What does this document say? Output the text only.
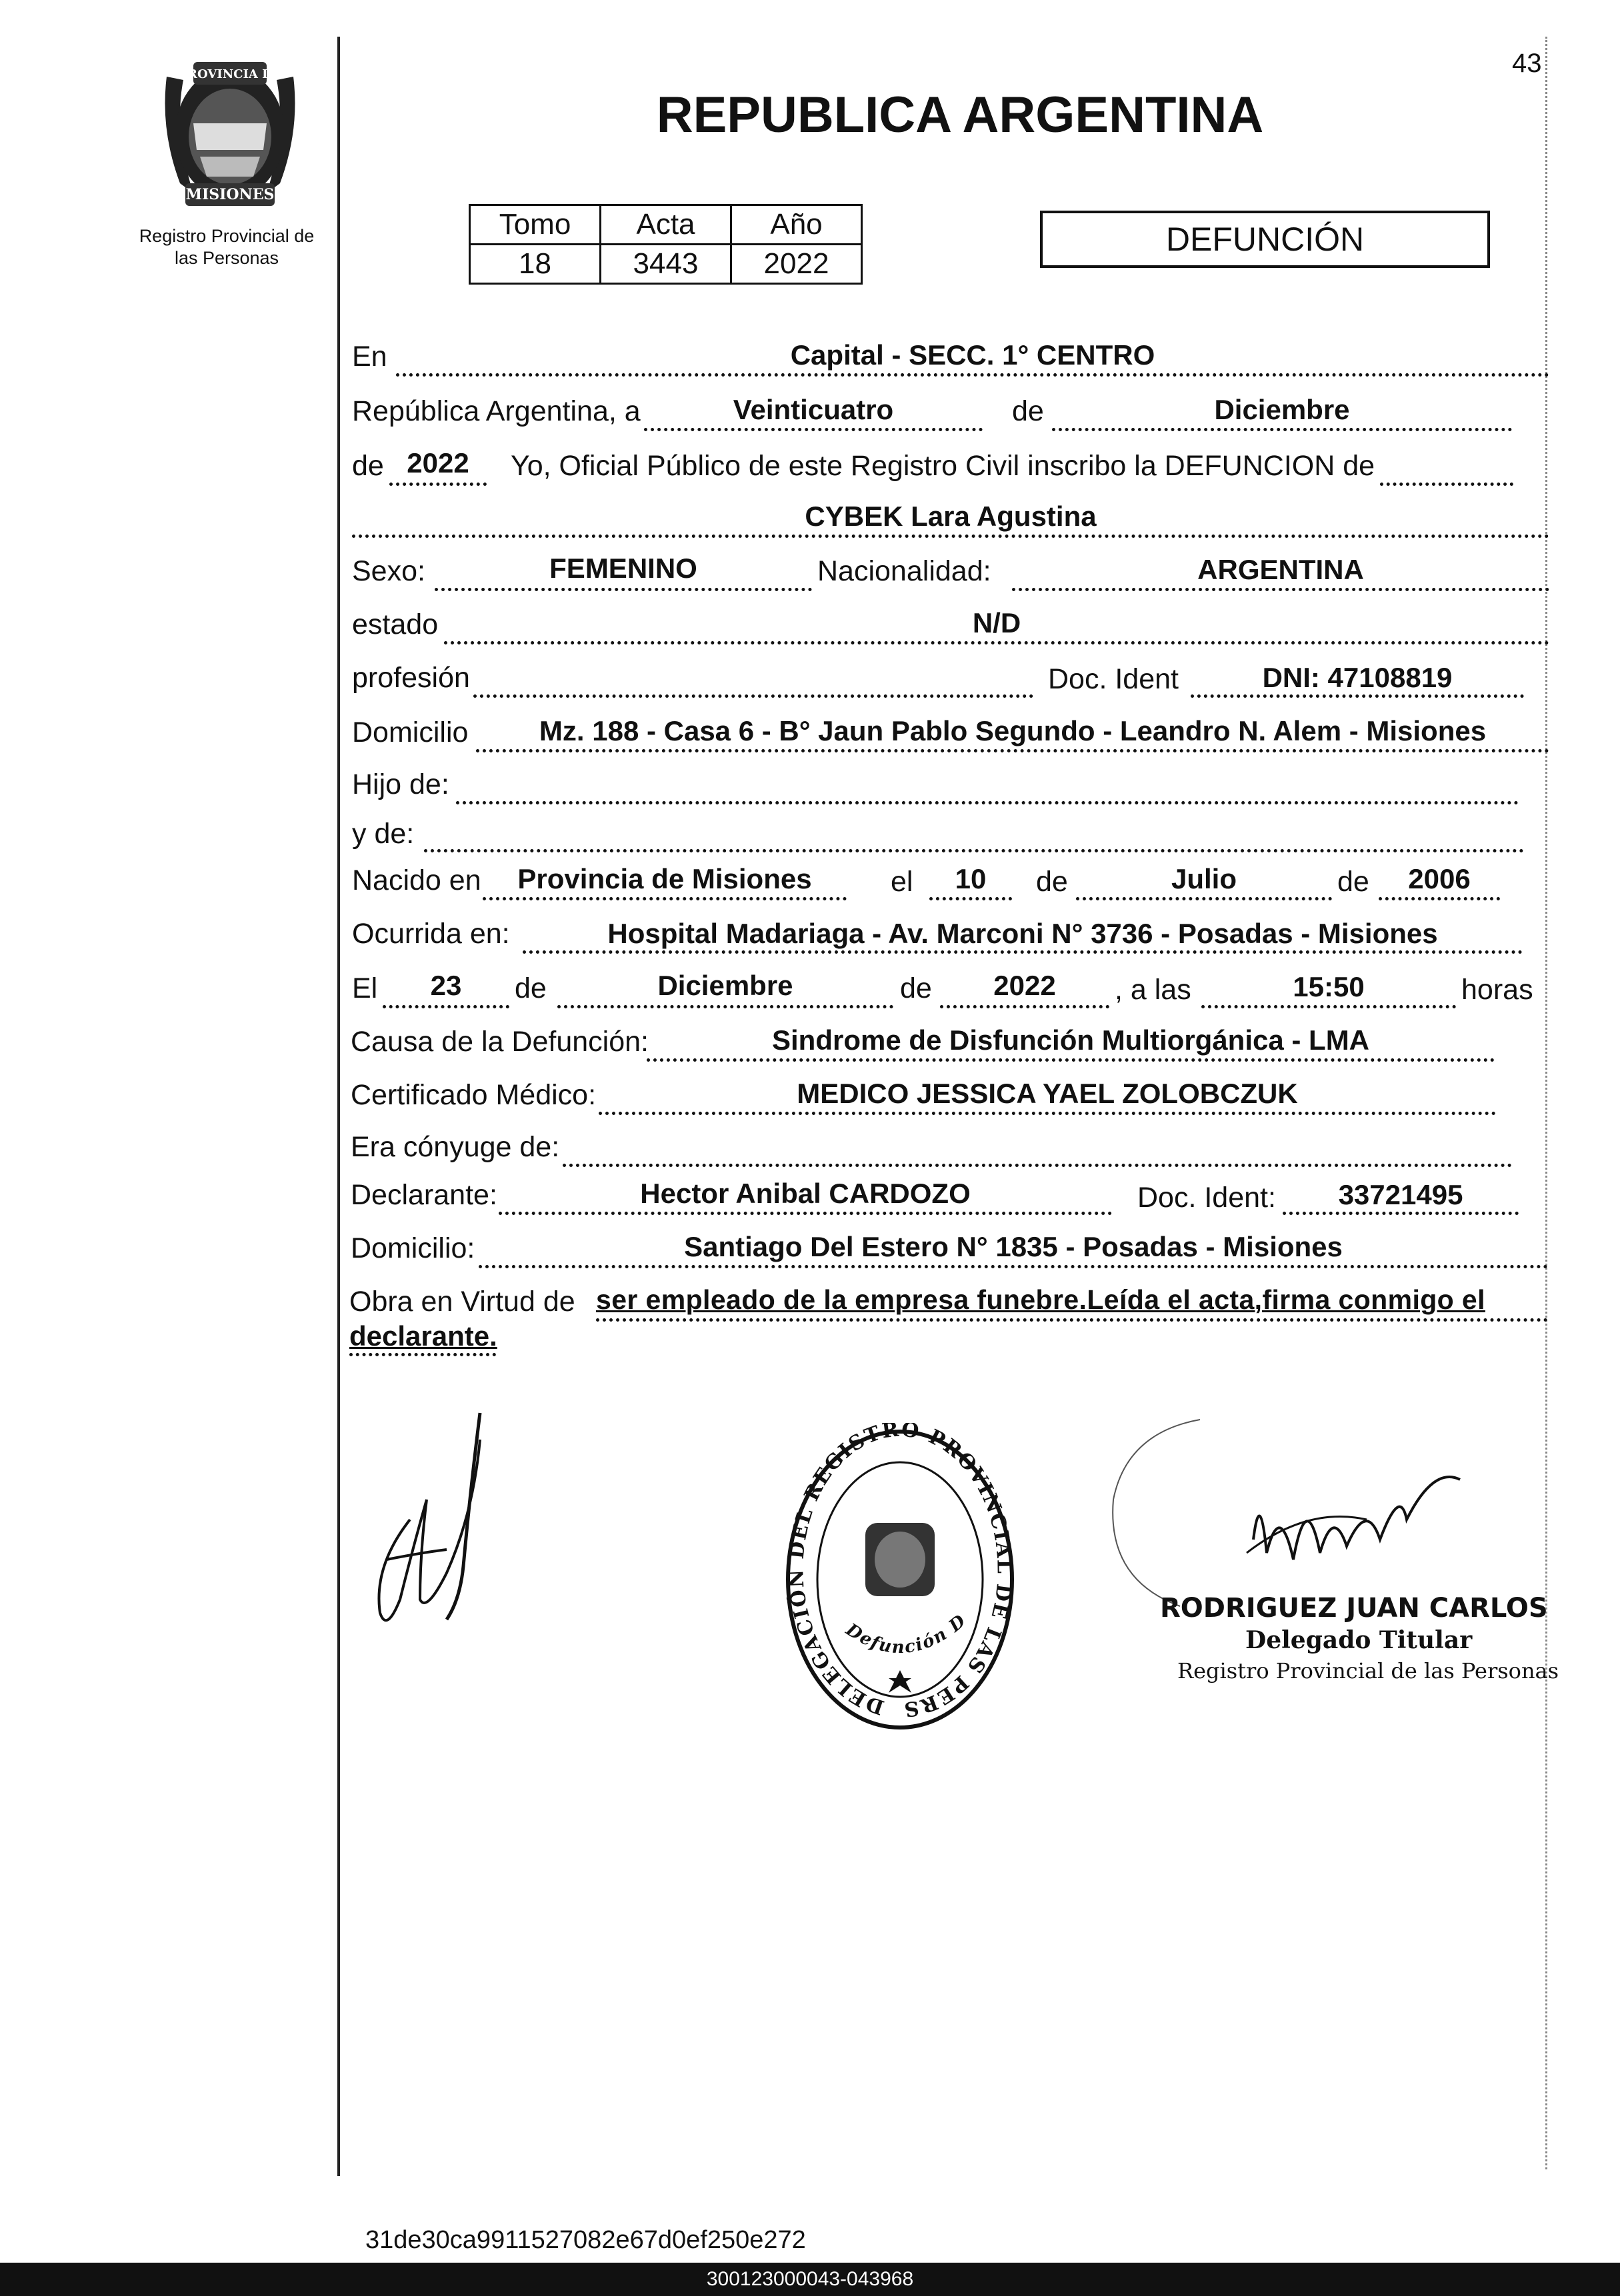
43
PROVINCIA DE
MISIONES
Registro Provincial de
las Personas
REPUBLICA ARGENTINA
Tomo	Acta	Año
18	3443	2022
DEFUNCIÓN
En	Capital - SECC. 1° CENTRO
República Argentina, a	Veinticuatro	de	Diciembre
de 2022	Yo, Oficial Público de este Registro Civil inscribo la DEFUNCION de
CYBEK Lara Agustina
Sexo:	FEMENINO	Nacionalidad:	ARGENTINA
estado	N/D
profesión	Doc. Ident	DNI: 47108819
Domicilio	Mz. 188 - Casa 6 - B° Jaun Pablo Segundo - Leandro N. Alem - Misiones
Hijo de:
y de:
Nacido en	Provincia de Misiones	el	10	de	Julio	de	2006
Ocurrida en:	Hospital Madariaga - Av. Marconi N° 3736 - Posadas - Misiones
El	23	de	Diciembre	de	2022	, a las	15:50	horas
Causa de la Defunción:	Sindrome de Disfunción Multiorgánica - LMA
Certificado Médico:	MEDICO JESSICA YAEL ZOLOBCZUK
Era cónyuge de:
Declarante:	Hector Anibal CARDOZO	Doc. Ident:	33721495
Domicilio:	Santiago Del Estero N° 1835 - Posadas - Misiones
Obra en Virtud de ser empleado de la empresa funebre.Leída el acta,firma conmigo el
declarante.
DELEGACIÓN DEL REGISTRO PROVINCIAL DE LAS PERS
Defunción D	RODRIGUEZ JUAN CARLOS
Delegado Titular
Registro Provincial de las Personas
31de30ca9911527082e67d0ef250e272
300123000043-043968
